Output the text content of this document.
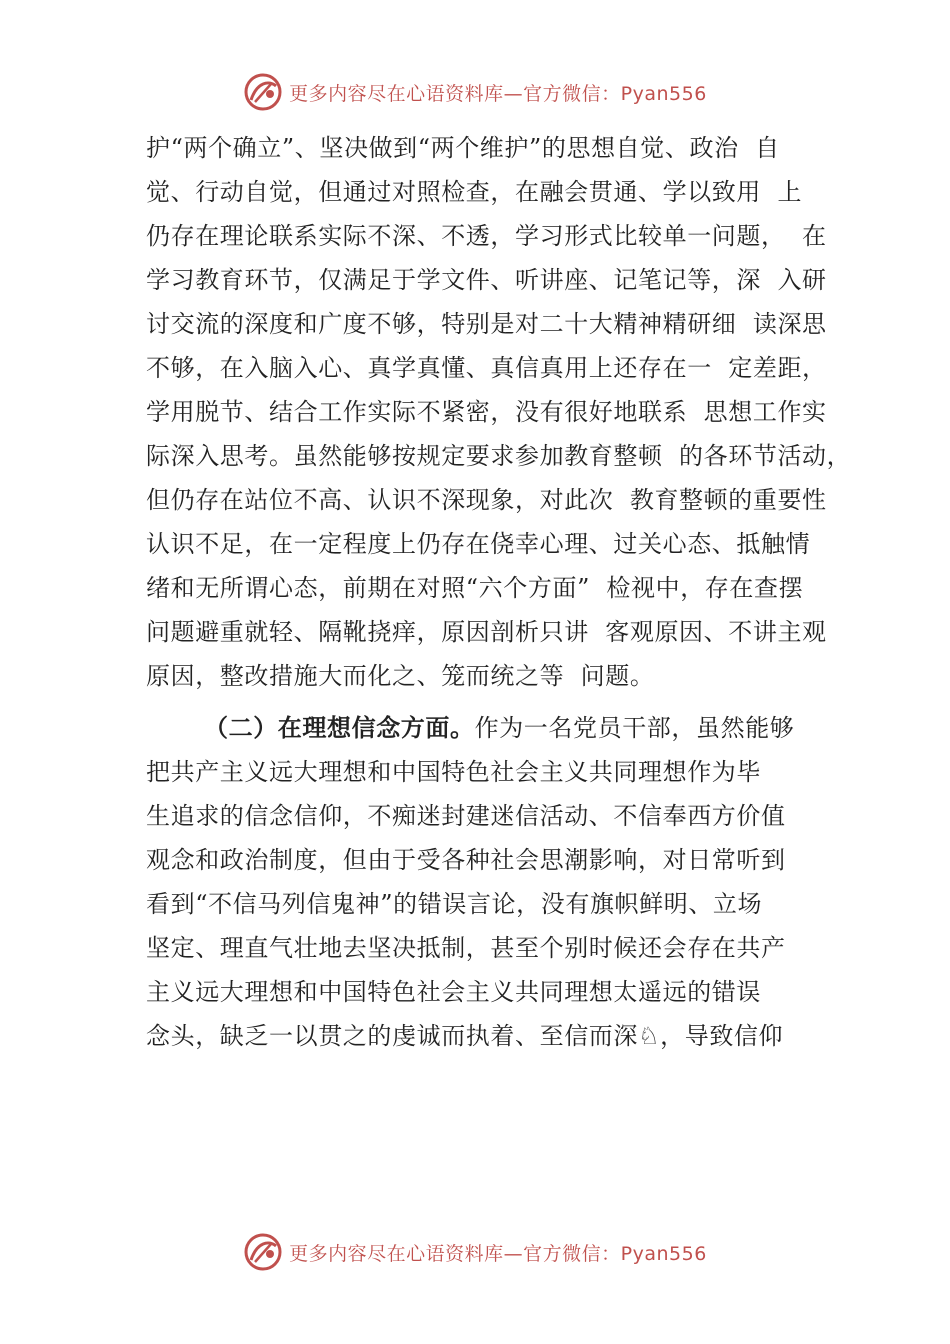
更多内容尽在心语资料库—官方微信：Pyan556
护“两个确立”、坚决做到“两个维护”的思想自觉、政治  自
觉、行动自觉，但通过对照检查，在融会贯通、学以致用  上
仍存在理论联系实际不深、不透，学习形式比较单一问题，  在
学习教育环节，仅满足于学文件、听讲座、记笔记等，深  入研
讨交流的深度和广度不够，特别是对二十大精神精研细  读深思
不够，在入脑入心、真学真懂、真信真用上还存在一  定差距，
学用脱节、结合工作实际不紧密，没有很好地联系  思想工作实
际深入思考。虽然能够按规定要求参加教育整顿  的各环节活动，
但仍存在站位不高、认识不深现象，对此次  教育整顿的重要性
认识不足，在一定程度上仍存在侥幸心理、过关心态、抵触情
绪和无所谓心态，前期在对照“六个方面”  检视中，存在查摆
问题避重就轻、隔靴挠痒，原因剖析只讲  客观原因、不讲主观
原因，整改措施大而化之、笼而统之等  问题。
（二）在理想信念方面。作为一名党员干部，虽然能够
把共产主义远大理想和中国特色社会主义共同理想作为毕
生追求的信念信仰，不痴迷封建迷信活动、不信奉西方价值
观念和政治制度，但由于受各种社会思潮影响，对日常听到
看到“不信马列信鬼神”的错误言论，没有旗帜鲜明、立场
坚定、理直气壮地去坚决抵制，甚至个别时候还会存在共产
主义远大理想和中国特色社会主义共同理想太遥远的错误
念头，缺乏一以贯之的虔诚而执着、至信而深♘，导致信仰
更多内容尽在心语资料库—官方微信：Pyan556
